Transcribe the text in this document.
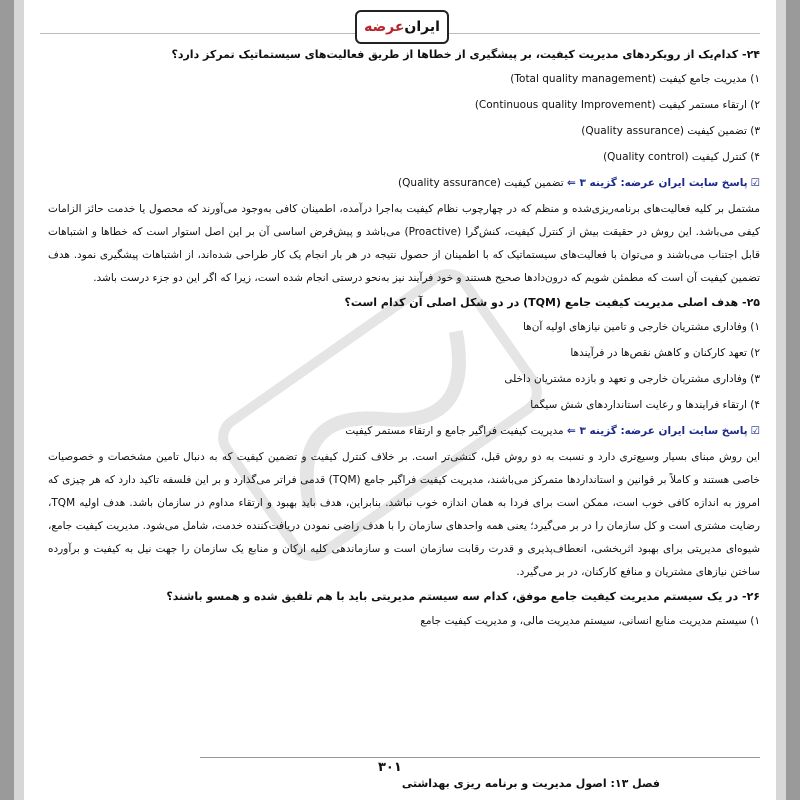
ایران
عرضه
۲۴- کدام‌یک از رویکردهای مدیریت کیفیت، بر پیشگیری از خطاها از طریق فعالیت‌های سیستماتیک تمرکز دارد؟
۱) مدیریت جامع کیفیت (Total quality management)
۲) ارتقاء مستمر کیفیت (Continuous quality Improvement)
۳) تضمین کیفیت (Quality assurance)
۴) کنترل کیفیت (Quality control)
☑پاسخ سایت ایران عرضه: گزینه ۳ ⇐ تضمین کیفیت (Quality assurance)
مشتمل بر کلیه فعالیت‌های برنامه‌ریزی‌شده و منظم که در چهارچوب نظام کیفیت به‌اجرا درآمده، اطمینان کافی به‌وجود می‌آورند که محصول یا خدمت حائز الزامات کیفی می‌باشد. این روش در حقیقت بیش از کنترل کیفیت، کنش‌گرا (Proactive) می‌باشد و پیش‌فرض اساسی آن بر این اصل استوار است که خطاها و اشتباهات قابل اجتناب می‌باشند و می‌توان با فعالیت‌های سیستماتیک که با اطمینان از حصول نتیجه در هر بار انجام یک کار طراحی شده‌اند، از اشتباهات پیشگیری نمود. هدف تضمین کیفیت آن است که مطمئن شویم که درون‌دادها صحیح هستند و خود فرآیند نیز به‌نحو درستی انجام شده است، زیرا که اگر این دو جزء درست باشد.
۲۵- هدف اصلی مدیریت کیفیت جامع (TQM) در دو شکل اصلی آن کدام است؟
۱) وفاداری مشتریان خارجی و تامین نیازهای اولیه آن‌ها
۲) تعهد کارکنان و کاهش نقص‌ها در فرآیندها
۳) وفاداری مشتریان خارجی و تعهد و بازده مشتریان داخلی
۴) ارتقاء فرایندها و رعایت استانداردهای شش سیگما
☑پاسخ سایت ایران عرضه: گزینه ۳ ⇐ مدیریت کیفیت فراگیر جامع و ارتقاء مستمر کیفیت
این روش مبنای بسیار وسیع‌تری دارد و نسبت به دو روش قبل، کنشی‌تر است. بر خلاف کنترل کیفیت و تضمین کیفیت که به دنبال تامین مشخصات و خصوصیات خاصی هستند و کاملاً بر قوانین و استانداردها متمرکز می‌باشند، مدیریت کیفیت فراگیر جامع (TQM) قدمی فراتر می‌گذارد و بر این فلسفه تاکید دارد که هر چیزی که امروز به اندازه کافی خوب است، ممکن است برای فردا به همان اندازه خوب نباشد. بنابراین، هدف باید بهبود و ارتقاء مداوم در سازمان باشد. هدف اولیه TQM، رضایت مشتری است و کل سازمان را در بر می‌گیرد؛ یعنی همه واحدهای سازمان را با هدف راضی نمودن دریافت‌کننده خدمت، شامل می‌شود. مدیریت کیفیت جامع، شیوه‌ای مدیریتی برای بهبود اثربخشی، انعطاف‌پذیری و قدرت رقابت سازمان است و سازماندهی کلیه ارکان و منابع یک سازمان را جهت نیل به کیفیت و برآورده ساختن نیازهای مشتریان و منافع کارکنان، در بر می‌گیرد.
۲۶- در یک سیستم مدیریت کیفیت جامع موفق، کدام سه سیستم مدیریتی باید با هم تلفیق شده و همسو باشند؟
۱) سیستم مدیریت منابع انسانی، سیستم مدیریت مالی، و مدیریت کیفیت جامع
۳۰۱
فصل ۱۳: اصول مدیریت و برنامه ریزی بهداشتی
